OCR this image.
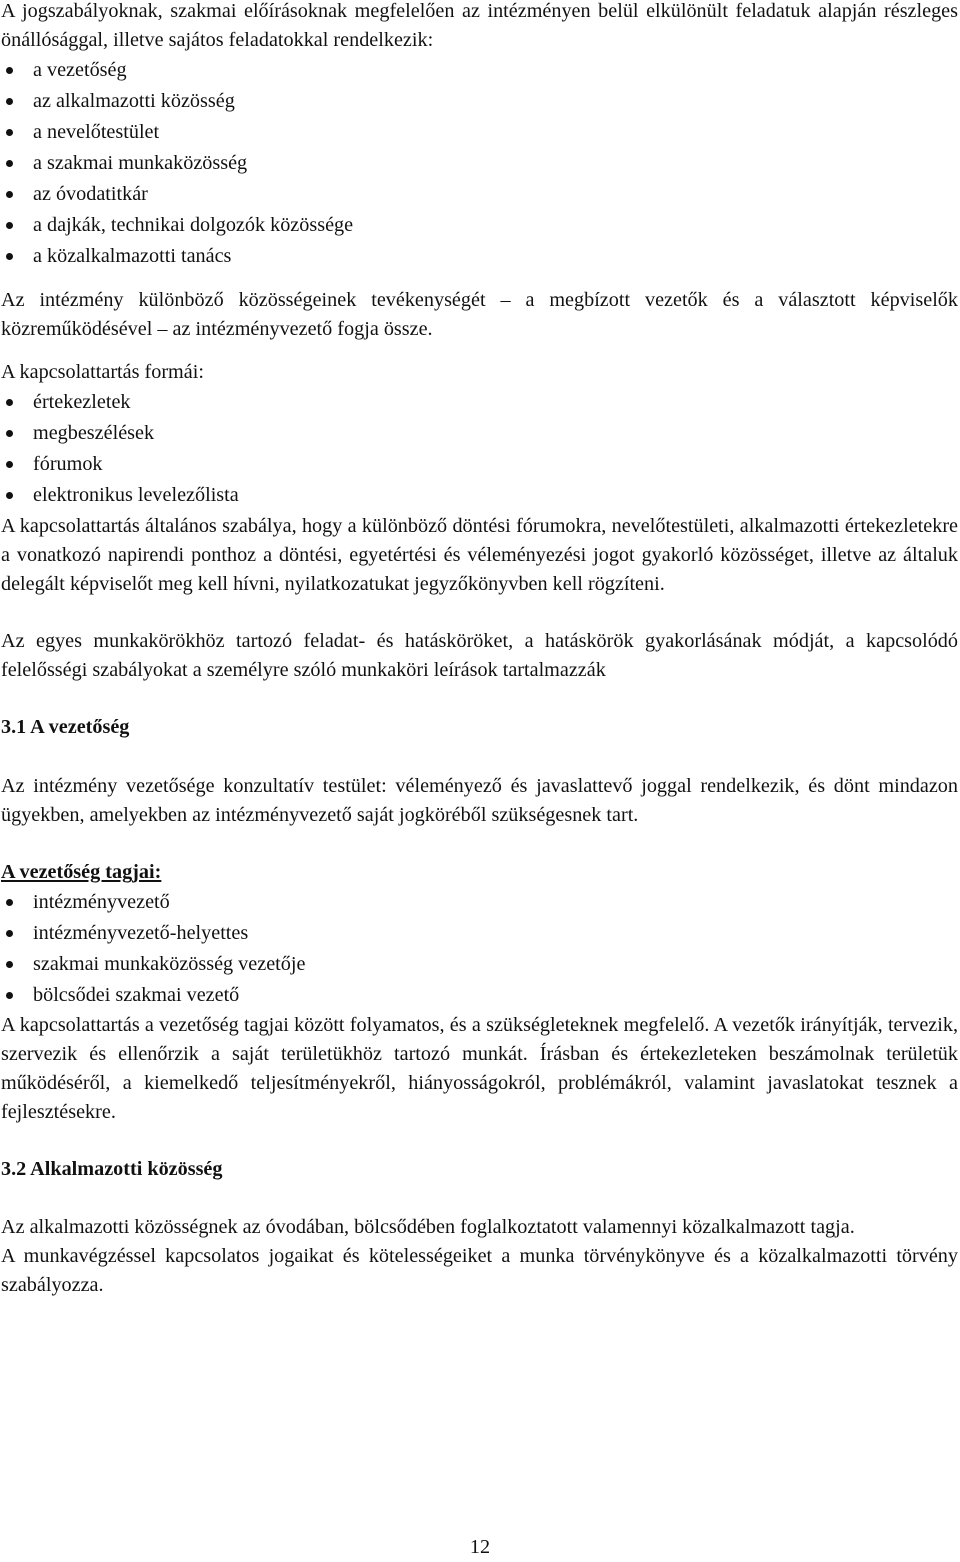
A jogszabályoknak, szakmai előírásoknak megfelelően az intézményen belül elkülönült feladatuk alapján részleges önállósággal, illetve sajátos feladatokkal rendelkezik:

a vezetőség
az alkalmazotti közösség
a nevelőtestület
a szakmai munkaközösség
az óvodatitkár
a dajkák, technikai dolgozók közössége
a közalkalmazotti tanács

Az intézmény különböző közösségeinek tevékenységét – a megbízott vezetők és a választott képviselők közreműködésével – az intézményvezető fogja össze.

A kapcsolattartás formái:

értekezletek
megbeszélések
fórumok
elektronikus levelezőlista

A kapcsolattartás általános szabálya, hogy a különböző döntési fórumokra, nevelőtestületi, alkalmazotti értekezletekre a vonatkozó napirendi ponthoz a döntési, egyetértési és véleményezési jogot gyakorló közösséget, illetve az általuk delegált képviselőt meg kell hívni, nyilatkozatukat jegyzőkönyvben kell rögzíteni.

Az egyes munkakörökhöz tartozó feladat- és hatásköröket, a hatáskörök gyakorlásának módját, a kapcsolódó felelősségi szabályokat a személyre szóló munkaköri leírások tartalmazzák

3.1 A vezetőség

Az intézmény vezetősége konzultatív testület: véleményező és javaslattevő joggal rendelkezik, és dönt mindazon ügyekben, amelyekben az intézményvezető saját jogköréből szükségesnek tart.

A vezetőség tagjai:

intézményvezető
intézményvezető-helyettes
szakmai munkaközösség vezetője
bölcsődei szakmai vezető

A kapcsolattartás a vezetőség tagjai között folyamatos, és a szükségleteknek megfelelő. A vezetők irányítják, tervezik, szervezik és ellenőrzik a saját területükhöz tartozó munkát. Írásban és értekezleteken beszámolnak területük működéséről, a kiemelkedő teljesítményekről, hiányosságokról, problémákról, valamint javaslatokat tesznek a fejlesztésekre.

3.2 Alkalmazotti közösség

Az alkalmazotti közösségnek az óvodában, bölcsődében foglalkoztatott valamennyi közalkalmazott tagja.

A munkavégzéssel kapcsolatos jogaikat és kötelességeiket a munka törvénykönyve és a közalkalmazotti törvény szabályozza.

12
